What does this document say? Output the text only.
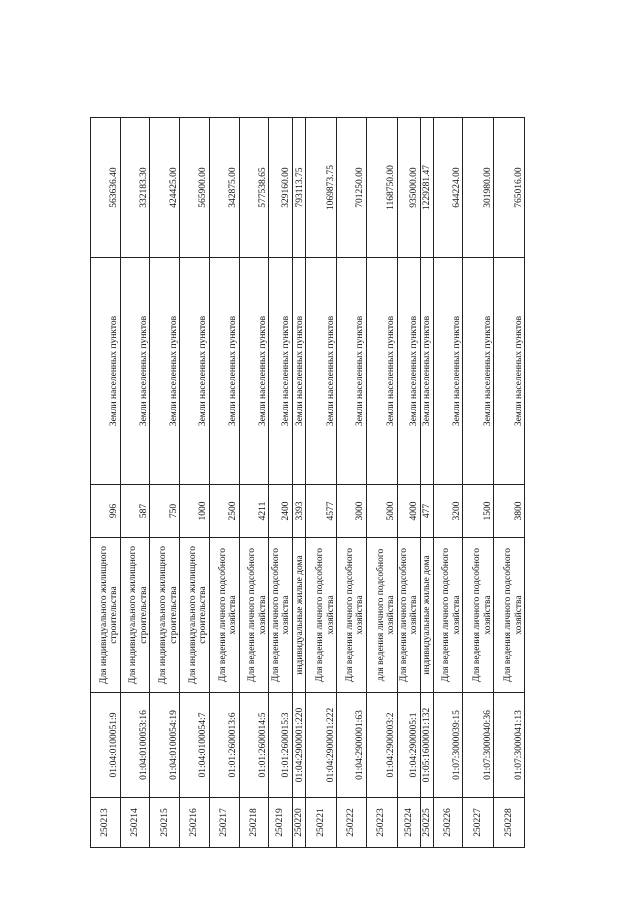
250213	01:04:0100051:9	Для индивидуального жилищного строительства	996	Земли населенных пунктов	563636.40
250214	01:04:0100053:16	Для индивидуального жилищного строительства	587	Земли населенных пунктов	332183.30
250215	01:04:0100054:19	Для индивидуального жилищного строительства	750	Земли населенных пунктов	424425.00
250216	01:04:0100054:7	Для индивидуального жилищного строительства	1000	Земли населенных пунктов	565900.00
250217	01:01:2600013:6	Для ведения личного подсобного хозяйства	2500	Земли населенных пунктов	342875.00
250218	01:01:2600014:5	Для ведения личного подсобного хозяйства	4211	Земли населенных пунктов	577538.65
250219	01:01:2600015:3	Для ведения личного подсобного хозяйства	2400	Земли населенных пунктов	329160.00
250220	01:04:2900001:220	индивидуальные жилые дома	3393	Земли населенных пунктов	793113.75
250221	01:04:2900001:222	Для ведения личного подсобного хозяйства	4577	Земли населенных пунктов	1069873.75
250222	01:04:2900001:63	Для ведения личного подсобного хозяйства	3000	Земли населенных пунктов	701250.00
250223	01:04:2900003:2	для ведения личного подсобного хозяйства	5000	Земли населенных пунктов	1168750.00
250224	01:04:2900005:1	Для ведения личного подсобного хозяйства	4000	Земли населенных пунктов	935000.00
250225	01:05:1600001:132	индивидуальные жилые дома	477	Земли населенных пунктов	1229281.47
250226	01:07:3000039:15	Для ведения личного подсобного хозяйства	3200	Земли населенных пунктов	644224.00
250227	01:07:3000040:36	Для ведения личного подсобного хозяйства	1500	Земли населенных пунктов	301980.00
250228	01:07:3000041:13	Для ведения личного подсобного хозяйства	3800	Земли населенных пунктов	765016.00
